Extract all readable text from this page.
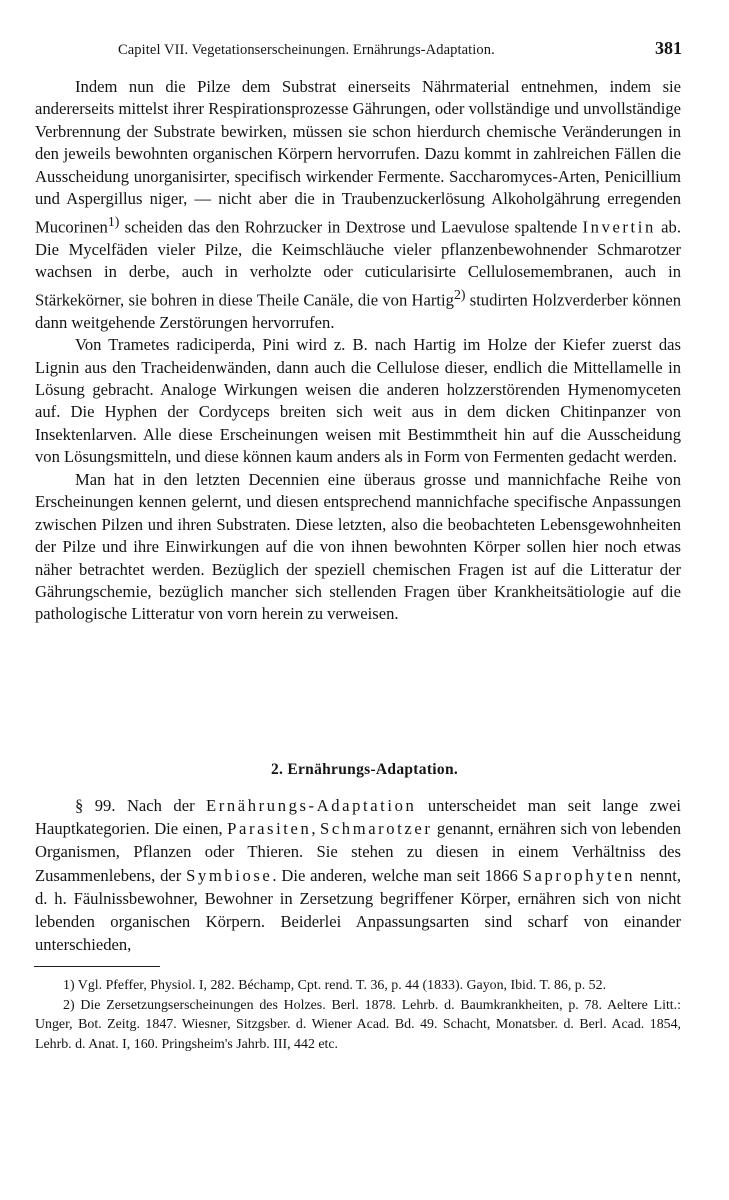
Capitel VII. Vegetationserscheinungen. Ernährungs-Adaptation.	381

Indem nun die Pilze dem Substrat einerseits Nährmaterial entnehmen, indem sie andererseits mittelst ihrer Respirationsprozesse Gährungen, oder vollständige und unvollständige Verbrennung der Substrate bewirken, müssen sie schon hierdurch chemische Veränderungen in den jeweils bewohnten organischen Körpern hervorrufen. Dazu kommt in zahlreichen Fällen die Ausscheidung unorganisirter, specifisch wirkender Fermente. Saccharomyces-Arten, Penicillium und Aspergillus niger, — nicht aber die in Traubenzuckerlösung Alkoholgährung erregenden Mucorinen$^{1)}$ scheiden das den Rohrzucker in Dextrose und Laevulose spaltende Invertin ab. Die Mycelfäden vieler Pilze, die Keimschläuche vieler pflanzenbewohnender Schmarotzer wachsen in derbe, auch in verholzte oder cuticularisirte Cellulosemembranen, auch in Stärkekörner, sie bohren in diese Theile Canäle, die von Hartig$^{2)}$ studirten Holzverderber können dann weitgehende Zerstörungen hervorrufen.

Von Trametes radiciperda, Pini wird z. B. nach Hartig im Holze der Kiefer zuerst das Lignin aus den Tracheidenwänden, dann auch die Cellulose dieser, endlich die Mittellamelle in Lösung gebracht. Analoge Wirkungen weisen die anderen holzzerstörenden Hymenomyceten auf. Die Hyphen der Cordyceps breiten sich weit aus in dem dicken Chitinpanzer von Insektenlarven. Alle diese Erscheinungen weisen mit Bestimmtheit hin auf die Ausscheidung von Lösungsmitteln, und diese können kaum anders als in Form von Fermenten gedacht werden.

Man hat in den letzten Decennien eine überaus grosse und mannichfache Reihe von Erscheinungen kennen gelernt, und diesen entsprechend mannichfache specifische Anpassungen zwischen Pilzen und ihren Substraten. Diese letzten, also die beobachteten Lebensgewohnheiten der Pilze und ihre Einwirkungen auf die von ihnen bewohnten Körper sollen hier noch etwas näher betrachtet werden. Bezüglich der speziell chemischen Fragen ist auf die Litteratur der Gährungschemie, bezüglich mancher sich stellenden Fragen über Krankheitsätiologie auf die pathologische Litteratur von vorn herein zu verweisen.

2. Ernährungs-Adaptation.

§ 99. Nach der Ernährungs-Adaptation unterscheidet man seit lange zwei Hauptkategorien. Die einen, Parasiten, Schmarotzer genannt, ernähren sich von lebenden Organismen, Pflanzen oder Thieren. Sie stehen zu diesen in einem Verhältniss des Zusammenlebens, der Symbiose. Die anderen, welche man seit 1866 Saprophyten nennt, d. h. Fäulnissbewohner, Bewohner in Zersetzung begriffener Körper, ernähren sich von nicht lebenden organischen Körpern. Beiderlei Anpassungsarten sind scharf von einander unterschieden,

1) Vgl. Pfeffer, Physiol. I, 282. Béchamp, Cpt. rend. T. 36, p. 44 (1833). Gayon, Ibid. T. 86, p. 52.

2) Die Zersetzungserscheinungen des Holzes. Berl. 1878. Lehrb. d. Baumkrankheiten, p. 78. Aeltere Litt.: Unger, Bot. Zeitg. 1847. Wiesner, Sitzgsber. d. Wiener Acad. Bd. 49. Schacht, Monatsber. d. Berl. Acad. 1854, Lehrb. d. Anat. I, 160. Pringsheim's Jahrb. III, 442 etc.
